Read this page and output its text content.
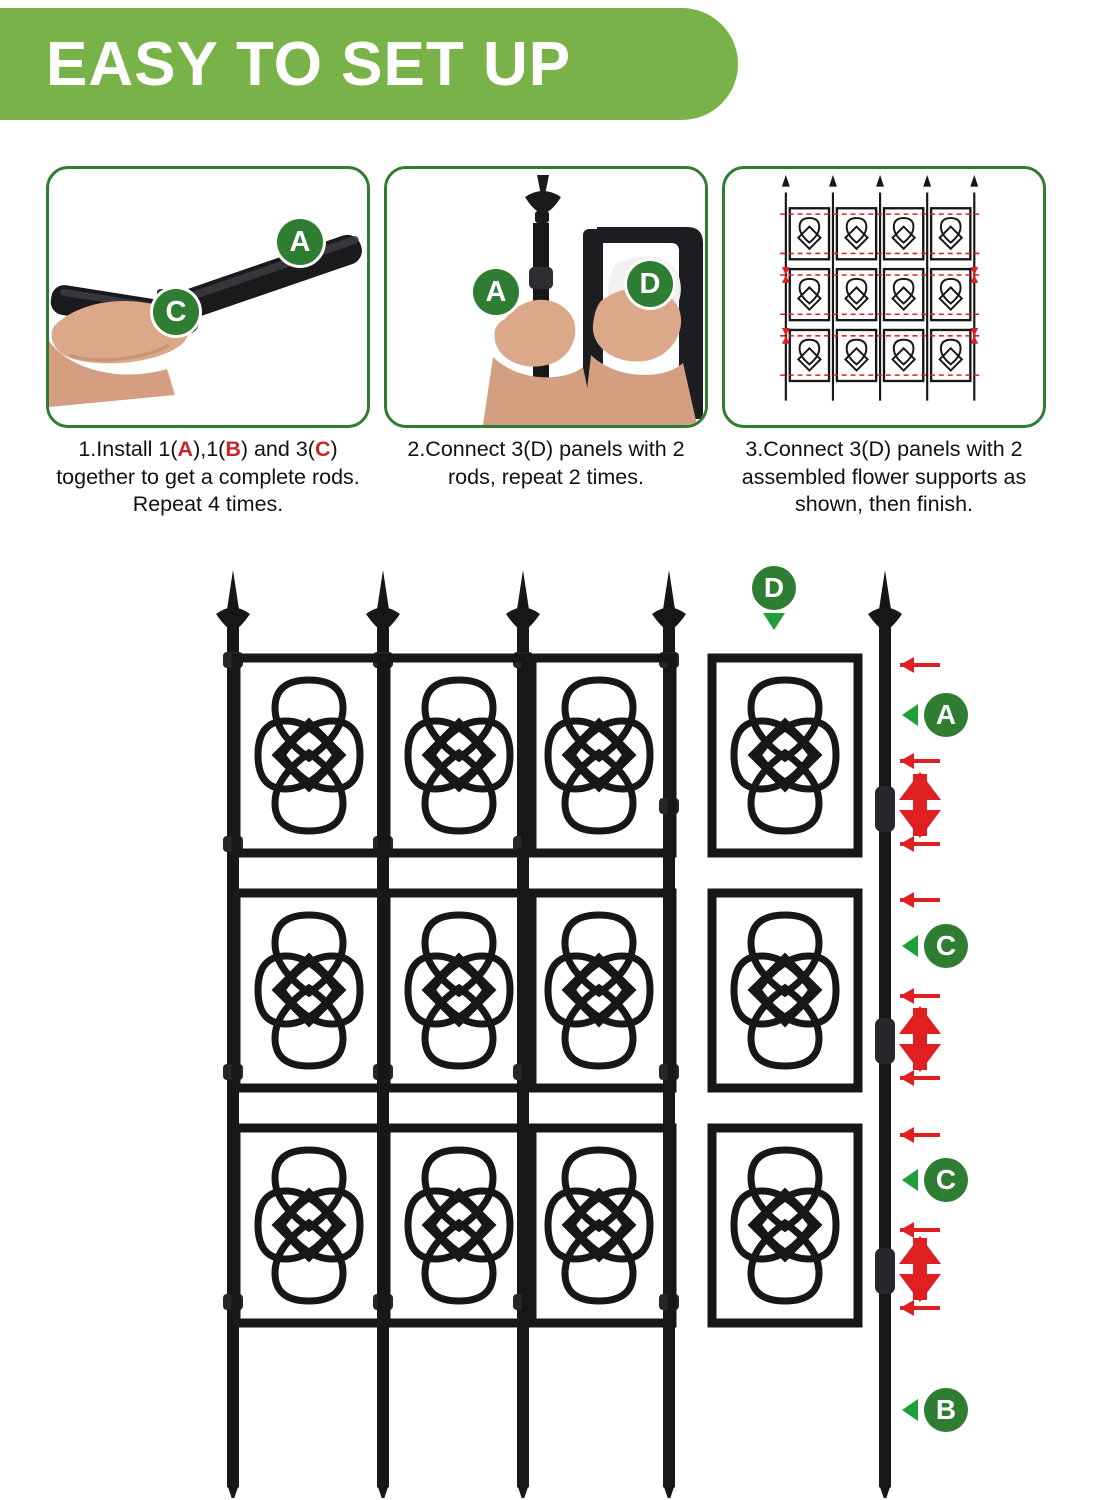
EASY TO SET UP
C
A
1.Install 1(A),1(B) and 3(C) together to get a complete rods. Repeat 4 times.
A	D
2.Connect 3(D) panels with 2 rods, repeat 2 times.
3.Connect 3(D) panels with 2 assembled flower supports as shown, then finish.
D
A
C
C
B
